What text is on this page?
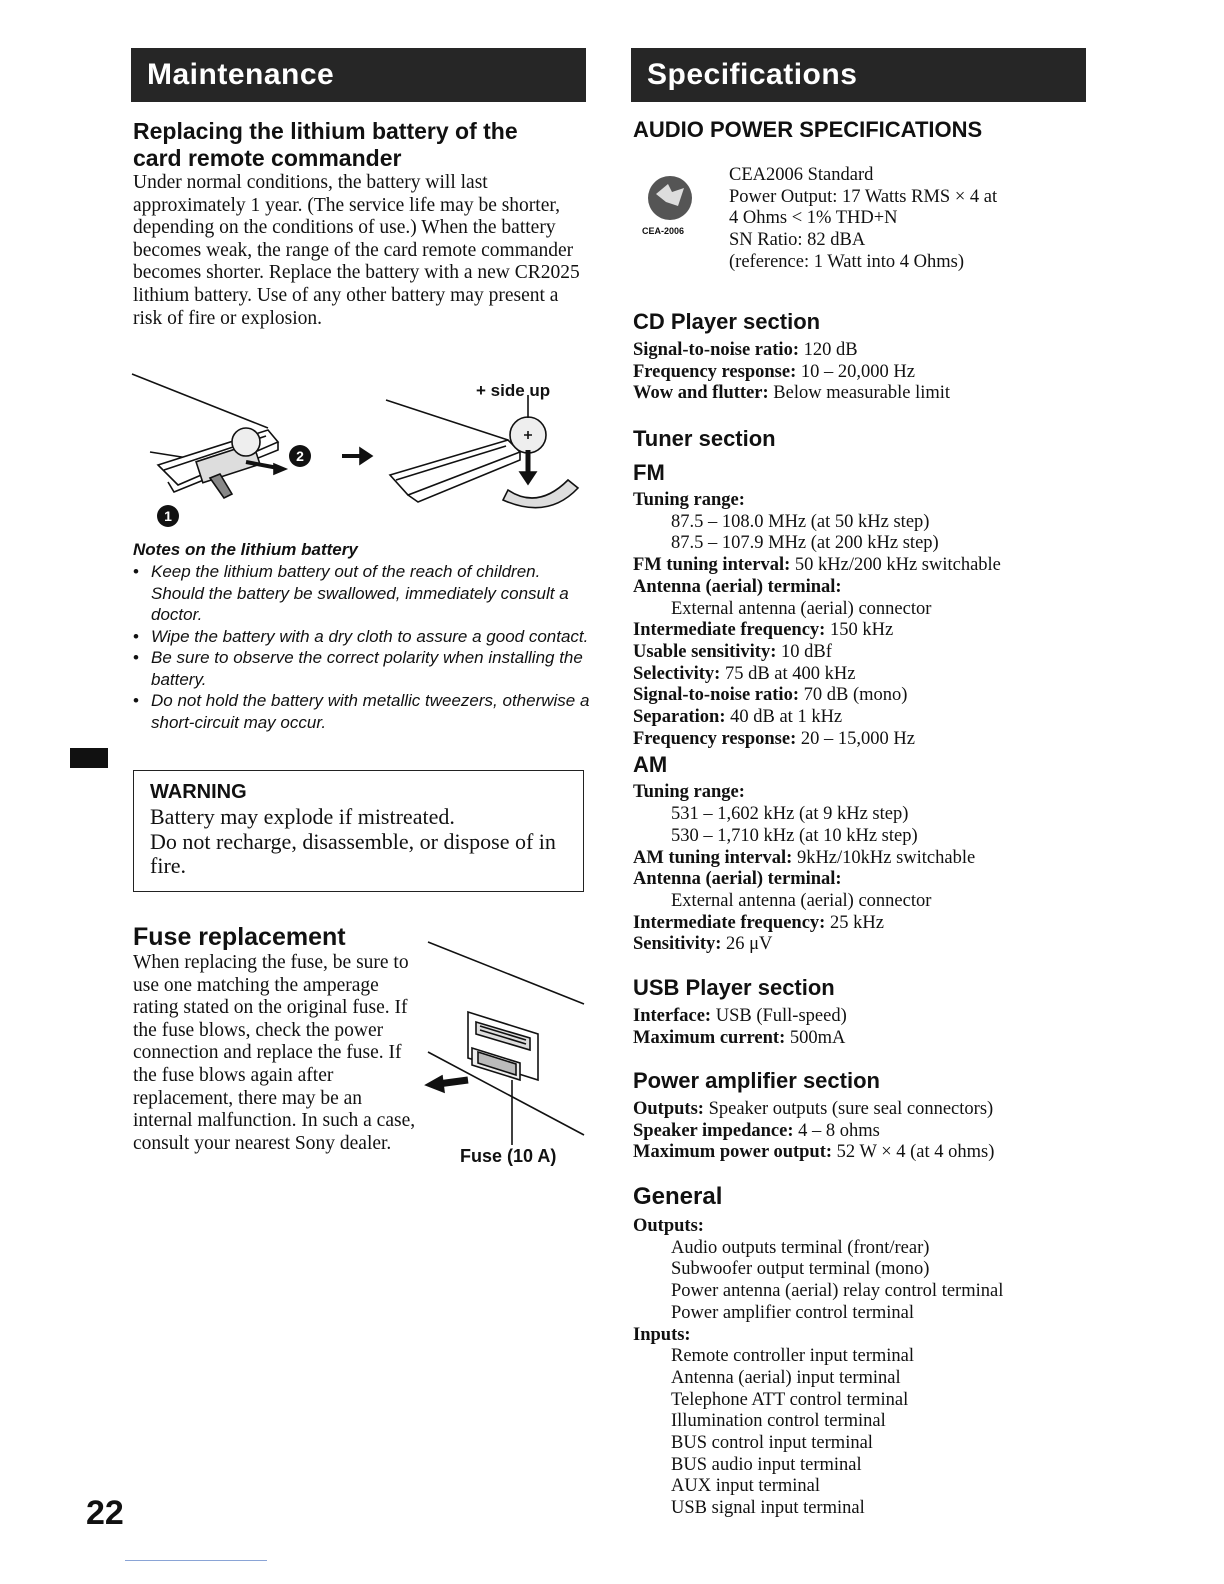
Maintenance
Replacing the lithium battery of the
card remote commander

Under normal conditions, the battery will last approximately 1 year. (The service life may be shorter, depending on the conditions of use.) When the battery becomes weak, the range of the card remote commander becomes shorter. Replace the battery with a new CR2025 lithium battery. Use of any other battery may present a risk of fire or explosion.

2
1
+ side up
Notes on the lithium battery
• Keep the lithium battery out of the reach of children. Should the battery be swallowed, immediately consult a doctor.
• Wipe the battery with a dry cloth to assure a good contact.
• Be sure to observe the correct polarity when installing the battery.
• Do not hold the battery with metallic tweezers, otherwise a short-circuit may occur.
WARNING
Battery may explode if mistreated.
Do not recharge, disassemble, or dispose of in fire.
Fuse replacement

When replacing the fuse, be sure to use one matching the amperage rating stated on the original fuse. If the fuse blows, check the power connection and replace the fuse. If the fuse blows again after replacement, there may be an internal malfunction. In such a case, consult your nearest Sony dealer.

Fuse (10 A)
22
Specifications
AUDIO POWER SPECIFICATIONS
CEA-2006
CEA2006 Standard
Power Output: 17 Watts RMS × 4 at
4 Ohms < 1% THD+N
SN Ratio: 82 dBA
(reference: 1 Watt into 4 Ohms)
CD Player section
Signal-to-noise ratio: 120 dB
Frequency response: 10 – 20,000 Hz
Wow and flutter: Below measurable limit
Tuner section
FM
Tuning range:
87.5 – 108.0 MHz (at 50 kHz step)
87.5 – 107.9 MHz (at 200 kHz step)
FM tuning interval: 50 kHz/200 kHz switchable
Antenna (aerial) terminal:
External antenna (aerial) connector
Intermediate frequency: 150 kHz
Usable sensitivity: 10 dBf
Selectivity: 75 dB at 400 kHz
Signal-to-noise ratio: 70 dB (mono)
Separation: 40 dB at 1 kHz
Frequency response: 20 – 15,000 Hz
AM
Tuning range:
531 – 1,602 kHz (at 9 kHz step)
530 – 1,710 kHz (at 10 kHz step)
AM tuning interval: 9kHz/10kHz switchable
Antenna (aerial) terminal:
External antenna (aerial) connector
Intermediate frequency: 25 kHz
Sensitivity: 26 μV
USB Player section
Interface: USB (Full-speed)
Maximum current: 500mA
Power amplifier section
Outputs: Speaker outputs (sure seal connectors)
Speaker impedance: 4 – 8 ohms
Maximum power output: 52 W × 4 (at 4 ohms)
General
Outputs:
Audio outputs terminal (front/rear)
Subwoofer output terminal (mono)
Power antenna (aerial) relay control terminal
Power amplifier control terminal
Inputs:
Remote controller input terminal
Antenna (aerial) input terminal
Telephone ATT control terminal
Illumination control terminal
BUS control input terminal
BUS audio input terminal
AUX input terminal
USB signal input terminal
